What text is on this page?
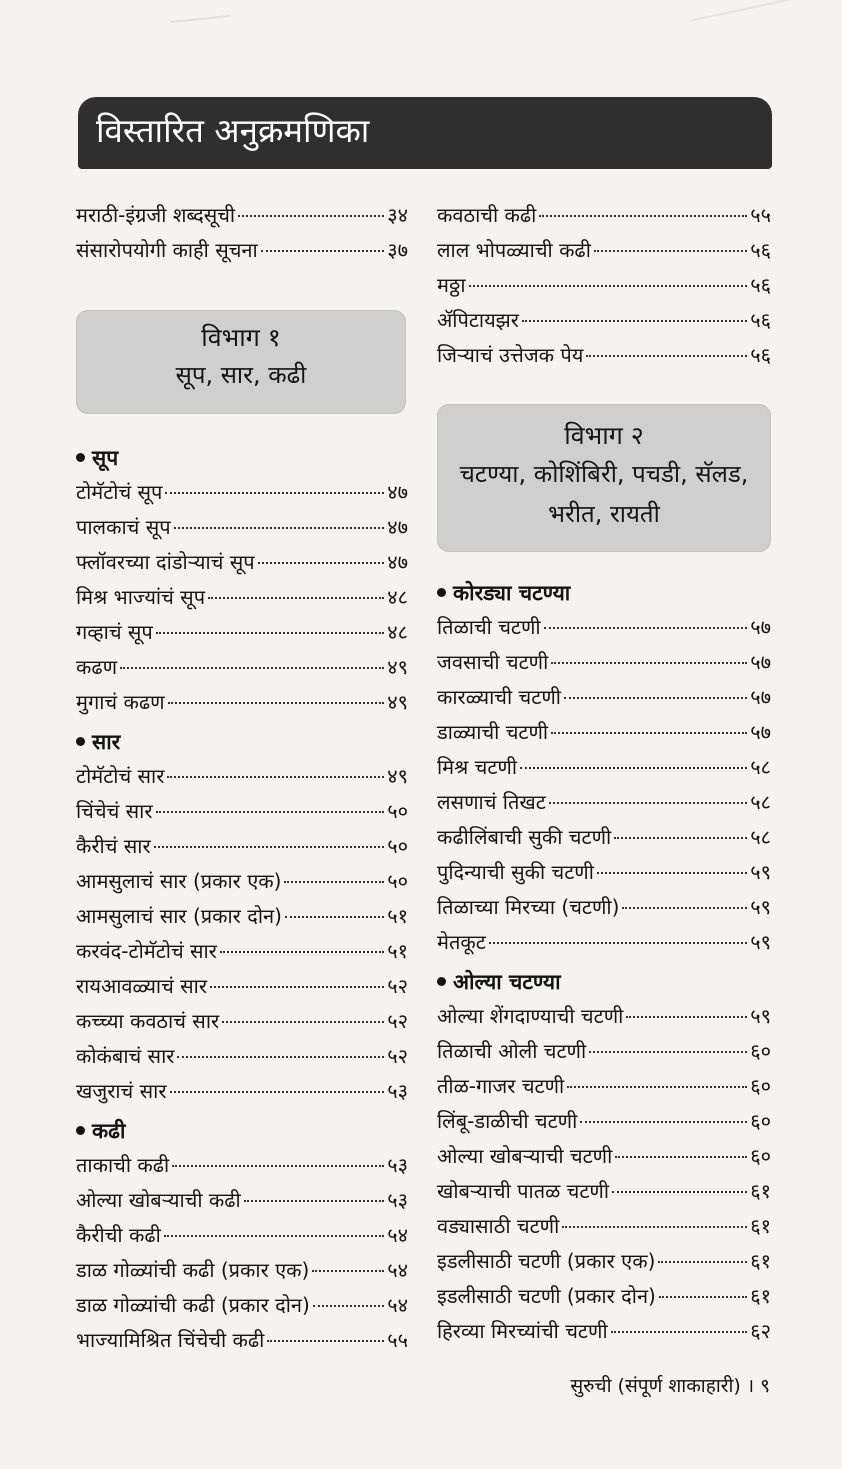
विस्तारित अनुक्रमणिका
मराठी-इंग्रजी शब्दसूची	३४
संसारोपयोगी काही सूचना	३७
विभाग १
सूप, सार, कढी
सूप
टोमॅटोचं सूप	४७
पालकाचं सूप	४७
फ्लॉवरच्या दांडोऱ्याचं सूप	४७
मिश्र भाज्यांचं सूप	४८
गव्हाचं सूप	४८
कढण	४९
मुगाचं कढण	४९
सार
टोमॅटोचं सार	४९
चिंचेचं सार	५०
कैरीचं सार	५०
आमसुलाचं सार (प्रकार एक)	५०
आमसुलाचं सार (प्रकार दोन)	५१
करवंद-टोमॅटोचं सार	५१
रायआवळ्याचं सार	५२
कच्च्या कवठाचं सार	५२
कोकंबाचं सार	५२
खजुराचं सार	५३
कढी
ताकाची कढी	५३
ओल्या खोबऱ्याची कढी	५३
कैरीची कढी	५४
डाळ गोळ्यांची कढी (प्रकार एक)	५४
डाळ गोळ्यांची कढी (प्रकार दोन)	५४
भाज्यामिश्रित चिंचेची कढी	५५
कवठाची कढी	५५
लाल भोपळ्याची कढी	५६
मठ्ठा	५६
ॲपिटायझर	५६
जिऱ्याचं उत्तेजक पेय	५६
विभाग २
चटण्या, कोशिंबिरी, पचडी, सॅलड, भरीत, रायती
कोरड्या चटण्या
तिळाची चटणी	५७
जवसाची चटणी	५७
कारळ्याची चटणी	५७
डाळ्याची चटणी	५७
मिश्र चटणी	५८
लसणाचं तिखट	५८
कढीलिंबाची सुकी चटणी	५८
पुदिन्याची सुकी चटणी	५९
तिळाच्या मिरच्या (चटणी)	५९
मेतकूट	५९
ओल्या चटण्या
ओल्या शेंगदाण्याची चटणी	५९
तिळाची ओली चटणी	६०
तीळ-गाजर चटणी	६०
लिंबू-डाळीची चटणी	६०
ओल्या खोबऱ्याची चटणी	६०
खोबऱ्याची पातळ चटणी	६१
वड्यासाठी चटणी	६१
इडलीसाठी चटणी (प्रकार एक)	६१
इडलीसाठी चटणी (प्रकार दोन)	६१
हिरव्या मिरच्यांची चटणी	६२
सुरुची (संपूर्ण शाकाहारी) । ९
